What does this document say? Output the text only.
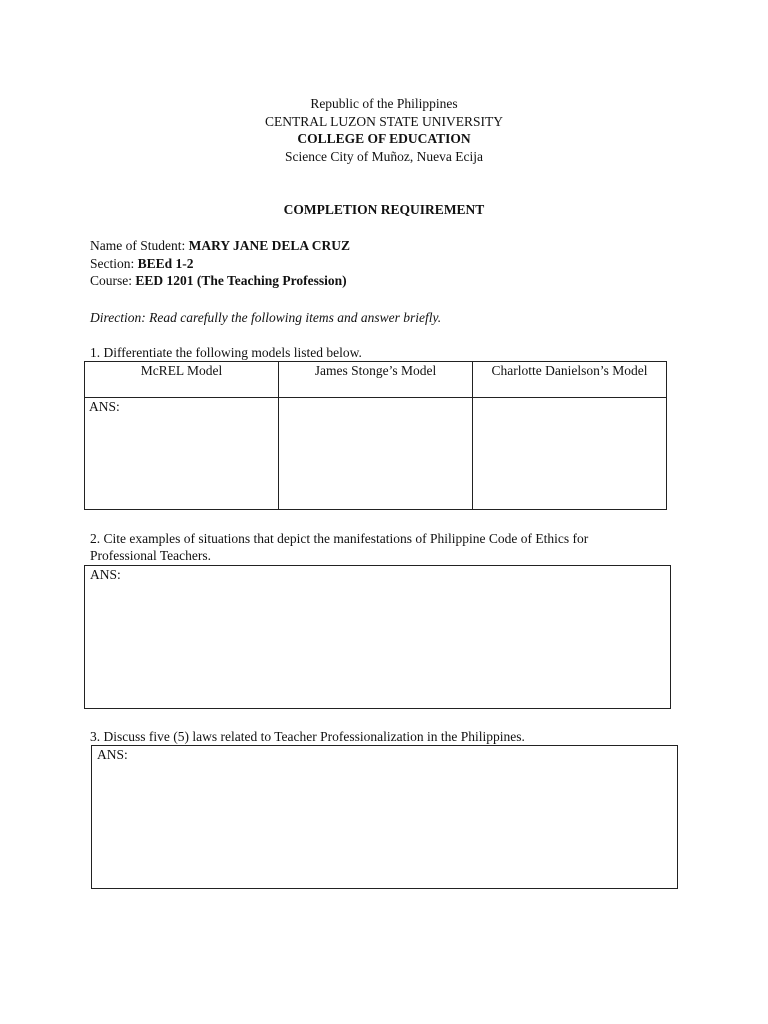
Republic of the Philippines
CENTRAL LUZON STATE UNIVERSITY
COLLEGE OF EDUCATION
Science City of Muñoz, Nueva Ecija
COMPLETION REQUIREMENT
Name of Student: MARY JANE DELA CRUZ
Section: BEEd 1-2
Course: EED 1201 (The Teaching Profession)
Direction: Read carefully the following items and answer briefly.
1. Differentiate the following models listed below.
McREL Model	James Stonge’s Model	Charlotte Danielson’s Model
ANS:		
2. Cite examples of situations that depict the manifestations of Philippine Code of Ethics for
Professional Teachers.
ANS:
3. Discuss five (5) laws related to Teacher Professionalization in the Philippines.
ANS:
